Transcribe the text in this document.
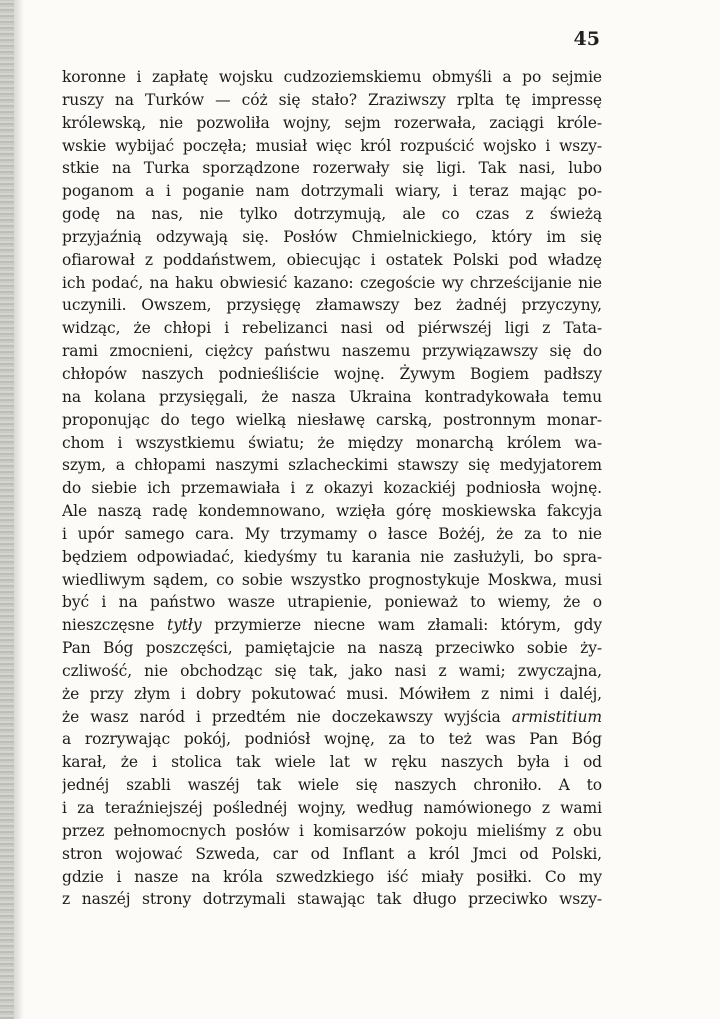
45
koronne i zapłatę wojsku cudzoziemskiemu obmyśli a po sejmie
ruszy na Turków — cóż się stało? Zraziwszy rplta tę impressę
królewską, nie pozwoliła wojny, sejm rozerwała, zaciągi króle-
wskie wybijać poczęła; musiał więc król rozpuścić wojsko i wszy-
stkie na Turka sporządzone rozerwały się ligi. Tak nasi, lubo
poganom a i poganie nam dotrzymali wiary, i teraz mając po-
godę na nas, nie tylko dotrzymują, ale co czas z świeżą
przyjaźnią odzywają się. Posłów Chmielnickiego, który im się
ofiarował z poddaństwem, obiecując i ostatek Polski pod władzę
ich podać, na haku obwiesić kazano: czegoście wy chrześcijanie nie
uczynili. Owszem, przysięgę złamawszy bez żadnéj przyczyny,
widząc, że chłopi i rebelizanci nasi od piérwszéj ligi z Tata-
rami zmocnieni, ciężcy państwu naszemu przywiązawszy się do
chłopów naszych podnieśliście wojnę. Żywym Bogiem padłszy
na kolana przysięgali, że nasza Ukraina kontradykowała temu
proponując do tego wielką niesławę carską, postronnym monar-
chom i wszystkiemu światu; że między monarchą królem wa-
szym, a chłopami naszymi szlacheckimi stawszy się medyjatorem
do siebie ich przemawiała i z okazyi kozackiéj podniosła wojnę.
Ale naszą radę kondemnowano, wzięła górę moskiewska fakcyja
i upór samego cara. My trzymamy o łasce Bożéj, że za to nie
będziem odpowiadać, kiedyśmy tu karania nie zasłużyli, bo spra-
wiedliwym sądem, co sobie wszystko prognostykuje Moskwa, musi
być i na państwo wasze utrapienie, ponieważ to wiemy, że o
nieszczęsne tytły przymierze niecne wam złamali: którym, gdy
Pan Bóg poszczęści, pamiętajcie na naszą przeciwko sobie ży-
czliwość, nie obchodząc się tak, jako nasi z wami; zwyczajna,
że przy złym i dobry pokutować musi. Mówiłem z nimi i daléj,
że wasz naród i przedtém nie doczekawszy wyjścia armistitium
a rozrywając pokój, podniósł wojnę, za to też was Pan Bóg
karał, że i stolica tak wiele lat w ręku naszych była i od
jednéj szabli waszéj tak wiele się naszych chroniło. A to
i za teraźniejszéj poślednéj wojny, według namówionego z wami
przez pełnomocnych posłów i komisarzów pokoju mieliśmy z obu
stron wojować Szweda, car od Inflant a król Jmci od Polski,
gdzie i nasze na króla szwedzkiego iść miały posiłki. Co my
z naszéj strony dotrzymali stawając tak długo przeciwko wszy-
